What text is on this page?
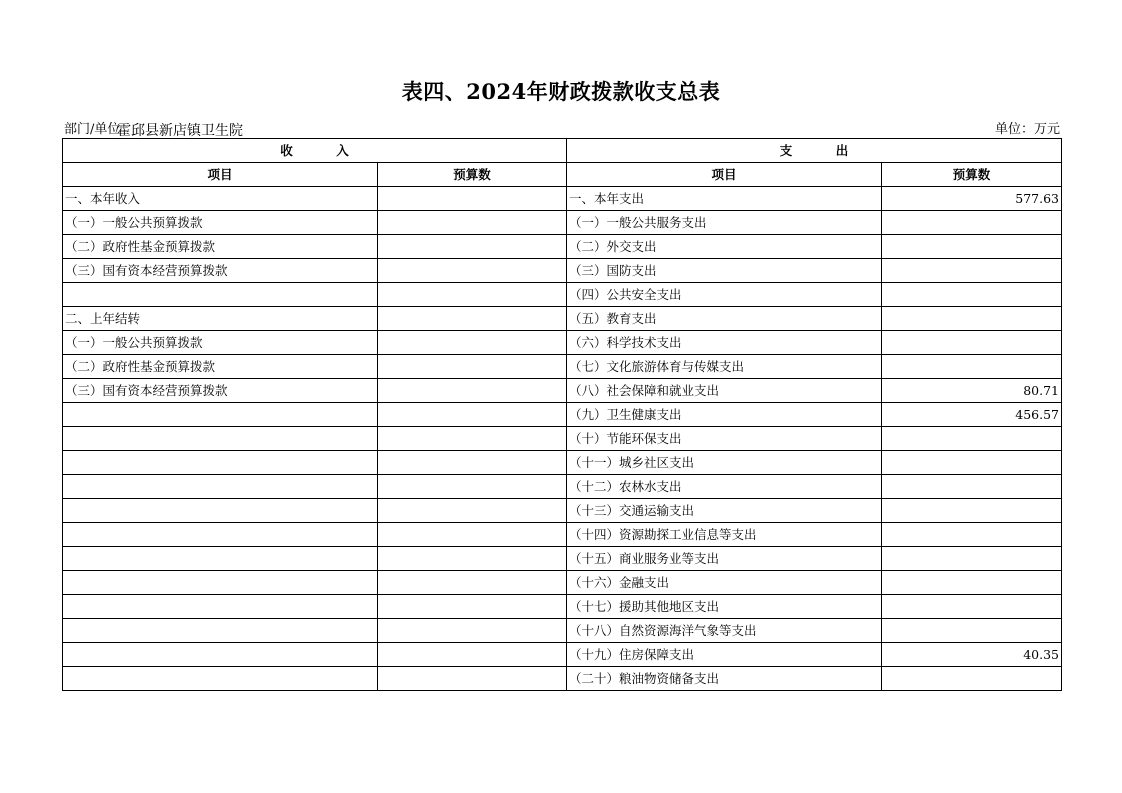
表四、2024年财政拨款收支总表
部门/单位
霍邱县新店镇卫生院	单位：万元
收          入		支          出	
项目	预算数	项目	预算数
一、本年收入		一、本年支出	577.63
（一）一般公共预算拨款		（一）一般公共服务支出	
（二）政府性基金预算拨款		（二）外交支出	
（三）国有资本经营预算拨款		（三）国防支出	
		（四）公共安全支出	
二、上年结转		（五）教育支出	
（一）一般公共预算拨款		（六）科学技术支出	
（二）政府性基金预算拨款		（七）文化旅游体育与传媒支出	
（三）国有资本经营预算拨款		（八）社会保障和就业支出	80.71
		（九）卫生健康支出	456.57
		（十）节能环保支出	
		（十一）城乡社区支出	
		（十二）农林水支出	
		（十三）交通运输支出	
		（十四）资源勘探工业信息等支出	
		（十五）商业服务业等支出	
		（十六）金融支出	
		（十七）援助其他地区支出	
		（十八）自然资源海洋气象等支出	
		（十九）住房保障支出	40.35
		（二十）粮油物资储备支出	
